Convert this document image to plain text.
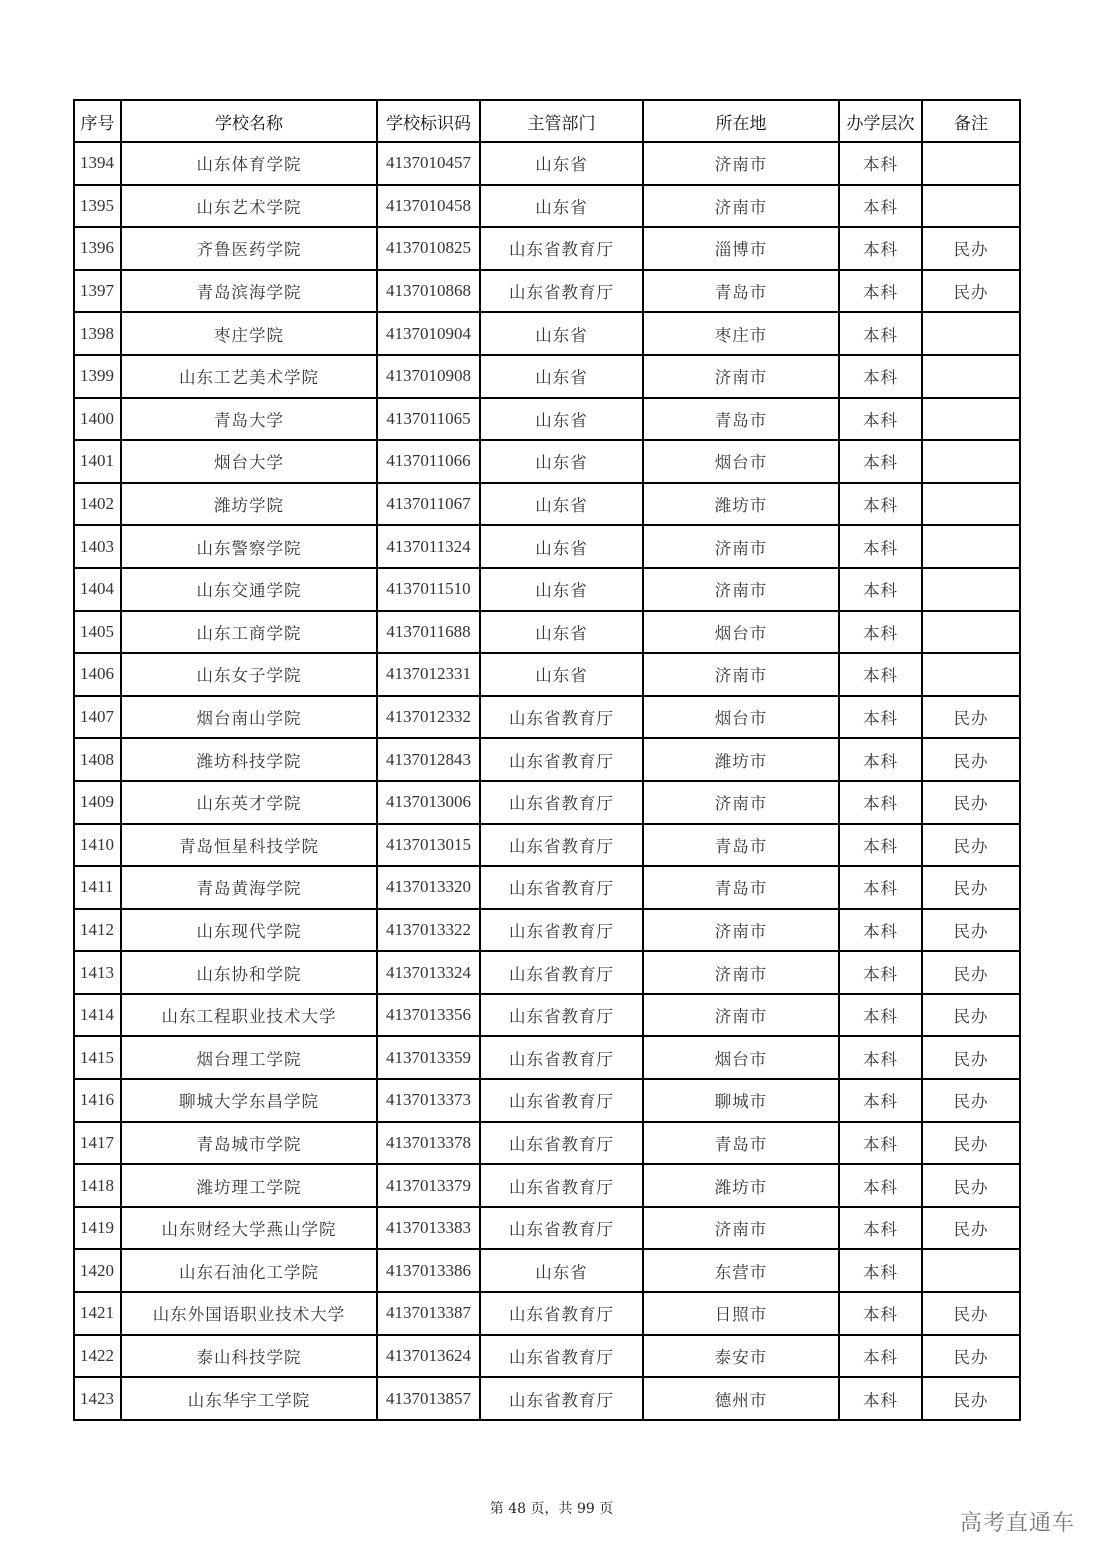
序号	学校名称	学校标识码	主管部门	所在地	办学层次	备注
1394	山东体育学院	4137010457	山东省	济南市	本科	
1395	山东艺术学院	4137010458	山东省	济南市	本科	
1396	齐鲁医药学院	4137010825	山东省教育厅	淄博市	本科	民办
1397	青岛滨海学院	4137010868	山东省教育厅	青岛市	本科	民办
1398	枣庄学院	4137010904	山东省	枣庄市	本科	
1399	山东工艺美术学院	4137010908	山东省	济南市	本科	
1400	青岛大学	4137011065	山东省	青岛市	本科	
1401	烟台大学	4137011066	山东省	烟台市	本科	
1402	潍坊学院	4137011067	山东省	潍坊市	本科	
1403	山东警察学院	4137011324	山东省	济南市	本科	
1404	山东交通学院	4137011510	山东省	济南市	本科	
1405	山东工商学院	4137011688	山东省	烟台市	本科	
1406	山东女子学院	4137012331	山东省	济南市	本科	
1407	烟台南山学院	4137012332	山东省教育厅	烟台市	本科	民办
1408	潍坊科技学院	4137012843	山东省教育厅	潍坊市	本科	民办
1409	山东英才学院	4137013006	山东省教育厅	济南市	本科	民办
1410	青岛恒星科技学院	4137013015	山东省教育厅	青岛市	本科	民办
1411	青岛黄海学院	4137013320	山东省教育厅	青岛市	本科	民办
1412	山东现代学院	4137013322	山东省教育厅	济南市	本科	民办
1413	山东协和学院	4137013324	山东省教育厅	济南市	本科	民办
1414	山东工程职业技术大学	4137013356	山东省教育厅	济南市	本科	民办
1415	烟台理工学院	4137013359	山东省教育厅	烟台市	本科	民办
1416	聊城大学东昌学院	4137013373	山东省教育厅	聊城市	本科	民办
1417	青岛城市学院	4137013378	山东省教育厅	青岛市	本科	民办
1418	潍坊理工学院	4137013379	山东省教育厅	潍坊市	本科	民办
1419	山东财经大学燕山学院	4137013383	山东省教育厅	济南市	本科	民办
1420	山东石油化工学院	4137013386	山东省	东营市	本科	
1421	山东外国语职业技术大学	4137013387	山东省教育厅	日照市	本科	民办
1422	泰山科技学院	4137013624	山东省教育厅	泰安市	本科	民办
1423	山东华宇工学院	4137013857	山东省教育厅	德州市	本科	民办
第 48 页，共 99 页
高考直通车
